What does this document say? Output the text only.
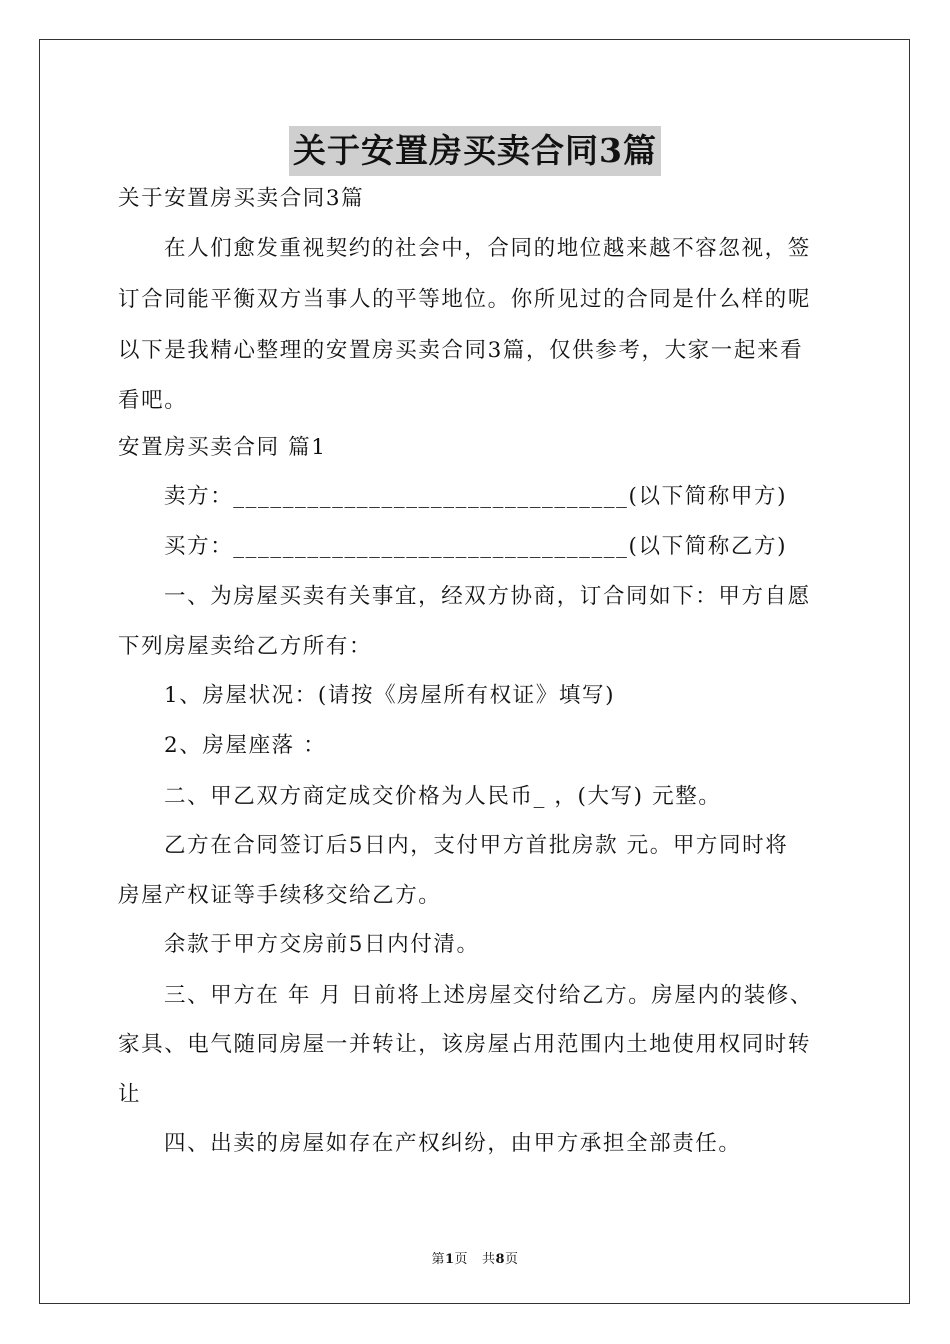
关于安置房买卖合同3篇
关于安置房买卖合同3篇
在人们愈发重视契约的社会中，合同的地位越来越不容忽视，签
订合同能平衡双方当事人的平等地位。你所见过的合同是什么样的呢
以下是我精心整理的安置房买卖合同3篇，仅供参考，大家一起来看
看吧。
安置房买卖合同 篇1
卖方：________________________________(以下简称甲方)
买方：________________________________(以下简称乙方)
一、为房屋买卖有关事宜，经双方协商，订合同如下：甲方自愿
下列房屋卖给乙方所有：
1、房屋状况：(请按《房屋所有权证》填写)
2、房屋座落 ：
二、甲乙双方商定成交价格为人民币_ ，(大写) 元整。
乙方在合同签订后5日内，支付甲方首批房款 元。甲方同时将
房屋产权证等手续移交给乙方。
余款于甲方交房前5日内付清。
三、甲方在 年 月 日前将上述房屋交付给乙方。房屋内的装修、
家具、电气随同房屋一并转让，该房屋占用范围内土地使用权同时转
让
四、出卖的房屋如存在产权纠纷，由甲方承担全部责任。
第1页 共8页
